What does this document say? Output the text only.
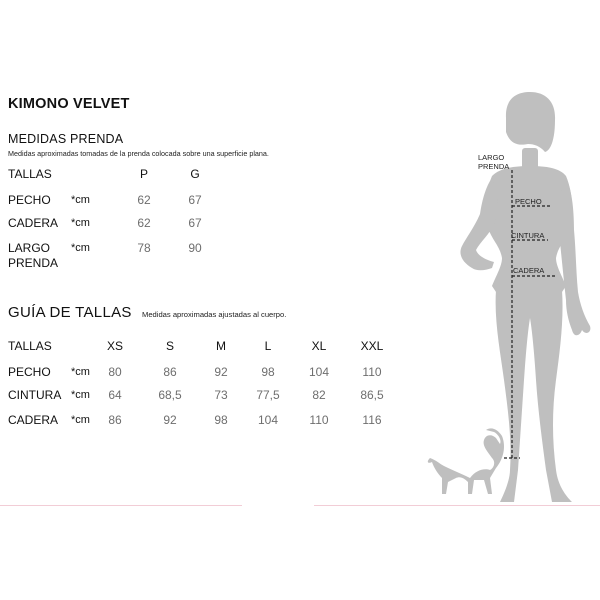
KIMONO VELVET
MEDIDAS PRENDA
Medidas aproximadas tomadas de la prenda colocada sobre una superficie plana.
TALLAS	P	G
PECHO *cm	62	67
CADERA *cm	62	67
LARGO
PRENDA
*cm	78	90
GUÍA DE TALLAS Medidas aproximadas ajustadas al cuerpo.
TALLAS	XS	S	M	L	XL	XXL
PECHO *cm	80	86	92	98	104	110
CINTURA *cm	64	68,5	73	77,5	82	86,5
CADERA *cm	86	92	98	104	110	116
LARGO
PRENDA
PECHO
CINTURA
CADERA
